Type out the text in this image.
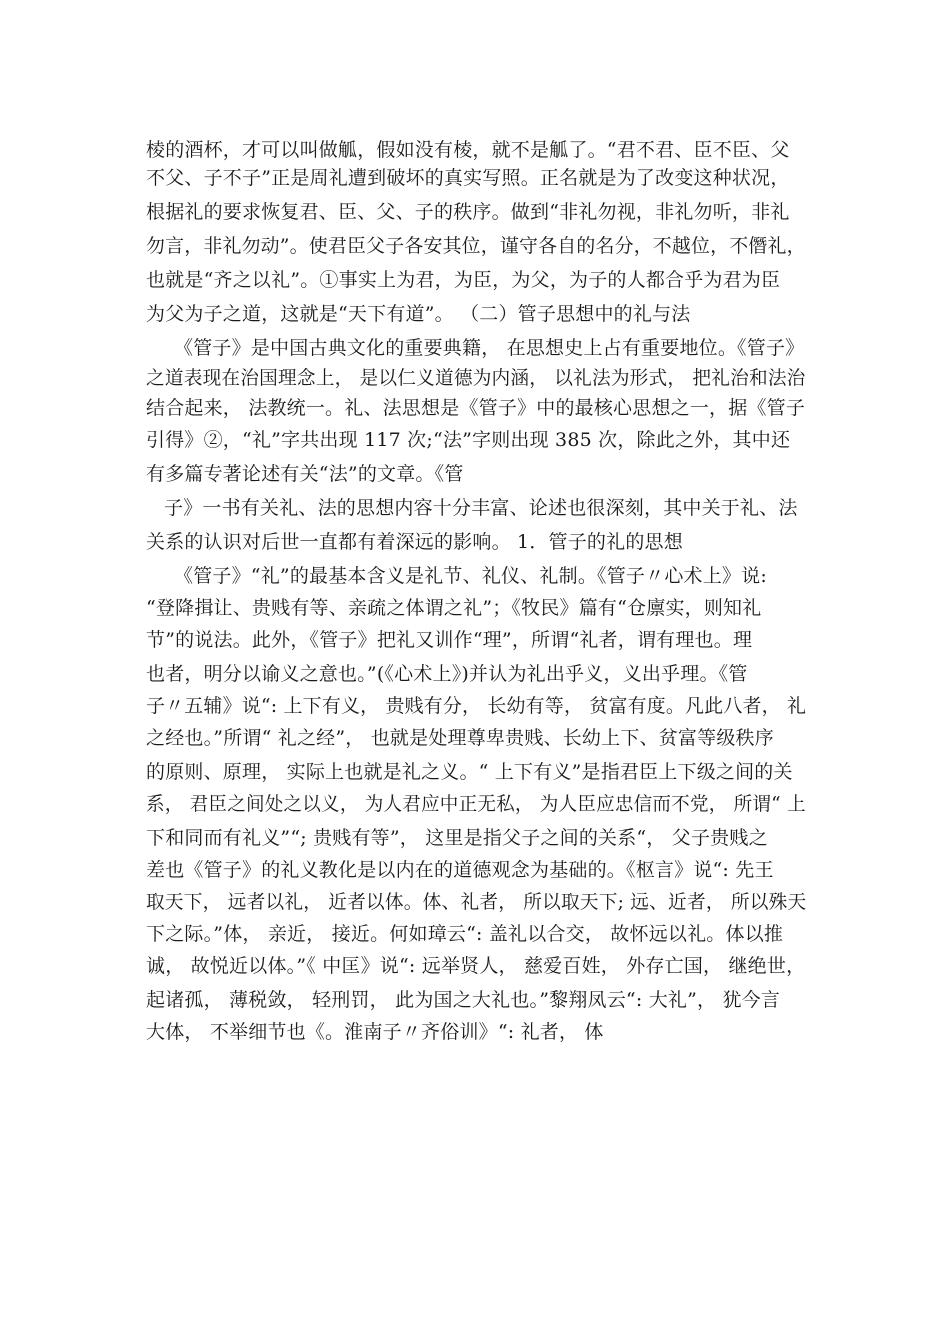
棱的酒杯，才可以叫做觚，假如没有棱，就不是觚了。“君不君、臣不臣、父
不父、子不子”正是周礼遭到破坏的真实写照。正名就是为了改变这种状况，
根据礼的要求恢复君、臣、父、子的秩序。做到“非礼勿视，非礼勿听，非礼
勿言，非礼勿动”。使君臣父子各安其位，谨守各自的名分，不越位，不僭礼，
也就是“齐之以礼”。①事实上为君，为臣，为父，为子的人都合乎为君为臣
为父为子之道，这就是“天下有道”。 （二）管子思想中的礼与法
《管子》是中国古典文化的重要典籍， 在思想史上占有重要地位。《管子》
之道表现在治国理念上， 是以仁义道德为内涵， 以礼法为形式， 把礼治和法治
结合起来， 法教统一。礼、法思想是《管子》中的最核心思想之一，据《管子
引得》②，“礼”字共出现 117 次;“法”字则出现 385 次，除此之外，其中还
有多篇专著论述有关“法”的文章。《管
子》一书有关礼、法的思想内容十分丰富、论述也很深刻，其中关于礼、法
关系的认识对后世一直都有着深远的影响。 1．管子的礼的思想
《管子》“礼”的最基本含义是礼节、礼仪、礼制。《管子〃心术上》说:
“登降揖让、贵贱有等、亲疏之体谓之礼”；《牧民》篇有“仓廪实，则知礼
节”的说法。此外，《管子》把礼又训作“理”，所谓“礼者，谓有理也。理
也者，明分以谕义之意也。”(《心术上》)并认为礼出乎义，义出乎理。《管
子〃五辅》说“: 上下有义， 贵贱有分， 长幼有等， 贫富有度。凡此八者， 礼
之经也。”所谓“ 礼之经”， 也就是处理尊卑贵贱、长幼上下、贫富等级秩序
的原则、原理， 实际上也就是礼之义。“ 上下有义”是指君臣上下级之间的关
系， 君臣之间处之以义， 为人君应中正无私， 为人臣应忠信而不党， 所谓“ 上
下和同而有礼义”“; 贵贱有等”， 这里是指父子之间的关系“， 父子贵贱之
差也《管子》的礼义教化是以内在的道德观念为基础的。《枢言》说“: 先王
取天下， 远者以礼， 近者以体。体、礼者， 所以取天下; 远、近者， 所以殊天
下之际。”体， 亲近， 接近。何如璋云“: 盖礼以合交， 故怀远以礼。体以推
诚， 故悦近以体。”《 中匡》说“: 远举贤人， 慈爱百姓， 外存亡国， 继绝世，
起诸孤， 薄税敛， 轻刑罚， 此为国之大礼也。”黎翔凤云“: 大礼”， 犹今言
大体， 不举细节也《。淮南子〃齐俗训》“: 礼者， 体
